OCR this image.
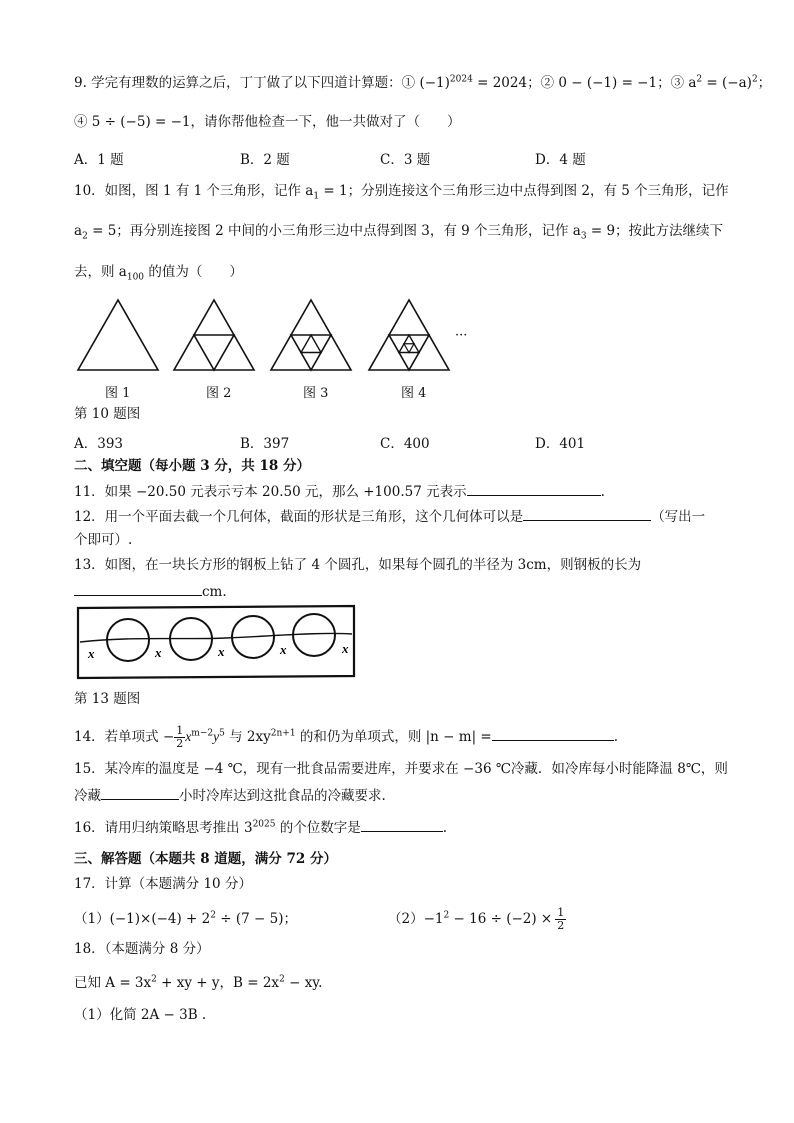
9. 学完有理数的运算之后，丁丁做了以下四道计算题：① $(-1)^{2024} = 2024$；② 0 − (−1) = −1；③ $a^2 = (-a)^2$；
④ 5 ÷ (−5) = −1，请你帮他检查一下，他一共做对了（　　）
A．1 题	B．2 题	C．3 题	D．4 题
10．如图，图 1 有 1 个三角形，记作 $a_1 = 1$；分别连接这个三角形三边中点得到图 2，有 5 个三角形，记作
$a_2 = 5$；再分别连接图 2 中间的小三角形三边中点得到图 3，有 9 个三角形，记作 $a_3 = 9$；按此方法继续下
去，则 $a_{100}$ 的值为（　　）
···
图 1	图 2	图 3	图 4
第 10 题图
A．393	B．397	C．400	D．401
二、填空题（每小题 3 分，共 18 分）
11．如果 −20.50 元表示亏本 20.50 元，那么 +100.57 元表示	.
12．用一个平面去截一个几何体，截面的形状是三角形，这个几何体可以是	（写出一
个即可）.
13．如图，在一块长方形的钢板上钻了 4 个圆孔，如果每个圆孔的半径为 3cm，则钢板的长为
cm.
x	x	x	x	x
第 13 题图
14．若单项式 − $\frac{1}{2} x^{m-2}y^5$ 与 $2xy^{2n+1}$ 的和仍为单项式，则 |n − m| =	.
15．某冷库的温度是 −4 ℃，现有一批食品需要进库，并要求在 −36 ℃冷藏．如冷库每小时能降温 8℃，则
冷藏	小时冷库达到这批食品的冷藏要求.
16．请用归纳策略思考推出 $3^{2025}$ 的个位数字是	.
三、解答题（本题共 8 道题，满分 72 分）
17．计算（本题满分 10 分）
$(1)(-1)\times(-4) + 2^2 \div (7 - 5)$；	$(2)-1^2 - 16 \div (-2) \times \frac{1}{2}$
18．（本题满分 8 分）
已知 $A = 3x^2$ + xy + y，$B = 2x^2$ − xy.
（1）化简 2A − 3B .
